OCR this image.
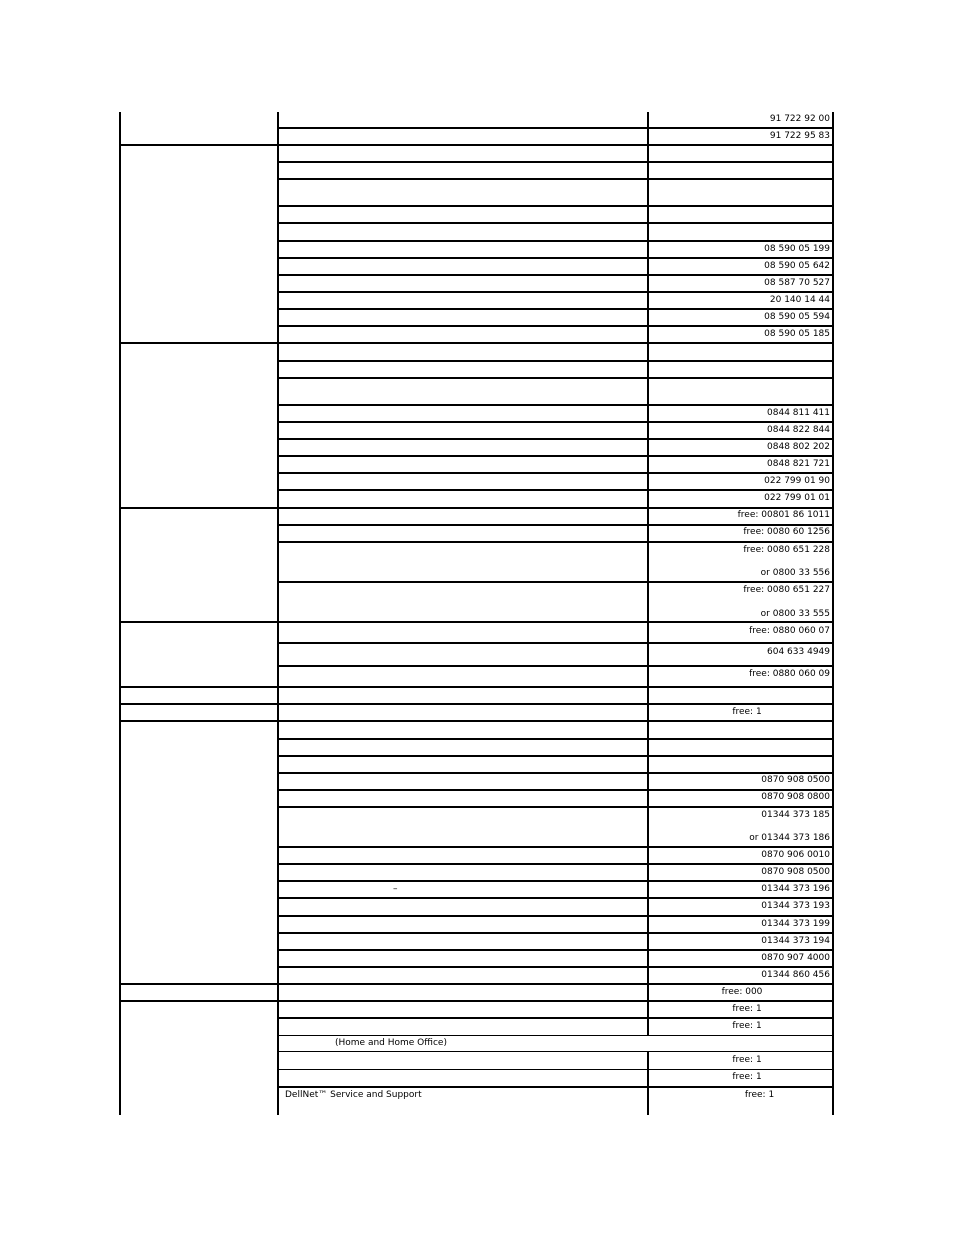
91 722 92 00
91 722 95 83
08 590 05 199
08 590 05 642
08 587 70 527
20 140 14 44
08 590 05 594
08 590 05 185
0844 811 411
0844 822 844
0848 802 202
0848 821 721
022 799 01 90
022 799 01 01
free: 00801 86 1011
free: 0080 60 1256
free: 0080 651 228
or 0800 33 556
free: 0080 651 227
or 0800 33 555
free: 0880 060 07
604 633 4949
free: 0880 060 09
free: 1
0870 908 0500
0870 908 0800
01344 373 185
or 01344 373 186
0870 906 0010
0870 908 0500
–	01344 373 196
01344 373 193
01344 373 199
01344 373 194
0870 907 4000
01344 860 456
free: 000
free: 1
free: 1
(Home and Home Office)
free: 1
free: 1
DellNet™ Service and Support	free: 1
